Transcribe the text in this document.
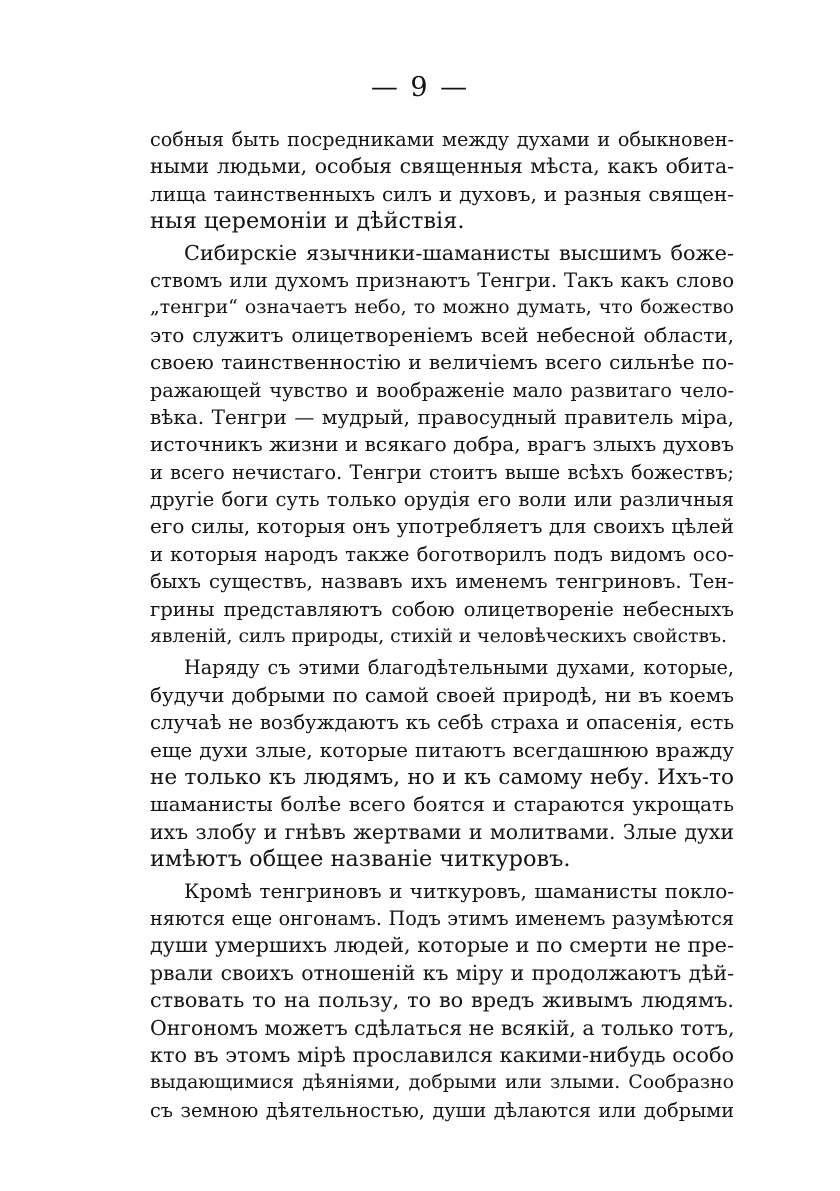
— 9 —
собныя быть посредниками между духами и обыкновен-
ными людьми, особыя священныя мѣста, какъ обита-
лища таинственныхъ силъ и духовъ, и разныя священ-
ныя церемоніи и дѣйствія.
Сибирскіе язычники-шаманисты высшимъ боже-
ствомъ или духомъ признаютъ Тенгри. Такъ какъ слово
„тенгри“ означаетъ небо, то можно думать, что божество
это служитъ олицетвореніемъ всей небесной области,
своею таинственностію и величіемъ всего сильнѣе по-
ражающей чувство и воображеніе мало развитаго чело-
вѣка. Тенгри — мудрый, правосудный правитель міра,
источникъ жизни и всякаго добра, врагъ злыхъ духовъ
и всего нечистаго. Тенгри стоитъ выше всѣхъ божествъ;
другіе боги суть только орудія его воли или различныя
его силы, которыя онъ употребляетъ для своихъ цѣлей
и которыя народъ также боготворилъ подъ видомъ осо-
быхъ существъ, назвавъ ихъ именемъ тенгриновъ. Тен-
грины представляютъ собою олицетвореніе небесныхъ
явленій, силъ природы, стихій и человѣческихъ свойствъ.
Наряду съ этими благодѣтельными духами, которые,
будучи добрыми по самой своей природѣ, ни въ коемъ
случаѣ не возбуждаютъ къ себѣ страха и опасенія, есть
еще духи злые, которые питаютъ всегдашнюю вражду
не только къ людямъ, но и къ самому небу. Ихъ-то
шаманисты болѣе всего боятся и стараются укрощать
ихъ злобу и гнѣвъ жертвами и молитвами. Злые духи
имѣютъ общее названіе читкуровъ.
Кромѣ тенгриновъ и читкуровъ, шаманисты покло-
няются еще онгонамъ. Подъ этимъ именемъ разумѣются
души умершихъ людей, которые и по смерти не пре-
рвали своихъ отношеній къ міру и продолжаютъ дѣй-
ствовать то на пользу, то во вредъ живымъ людямъ.
Онгономъ можетъ сдѣлаться не всякій, а только тотъ,
кто въ этомъ мірѣ прославился какими-нибудь особо
выдающимися дѣяніями, добрыми или злыми. Сообразно
съ земною дѣятельностью, души дѣлаются или добрыми
